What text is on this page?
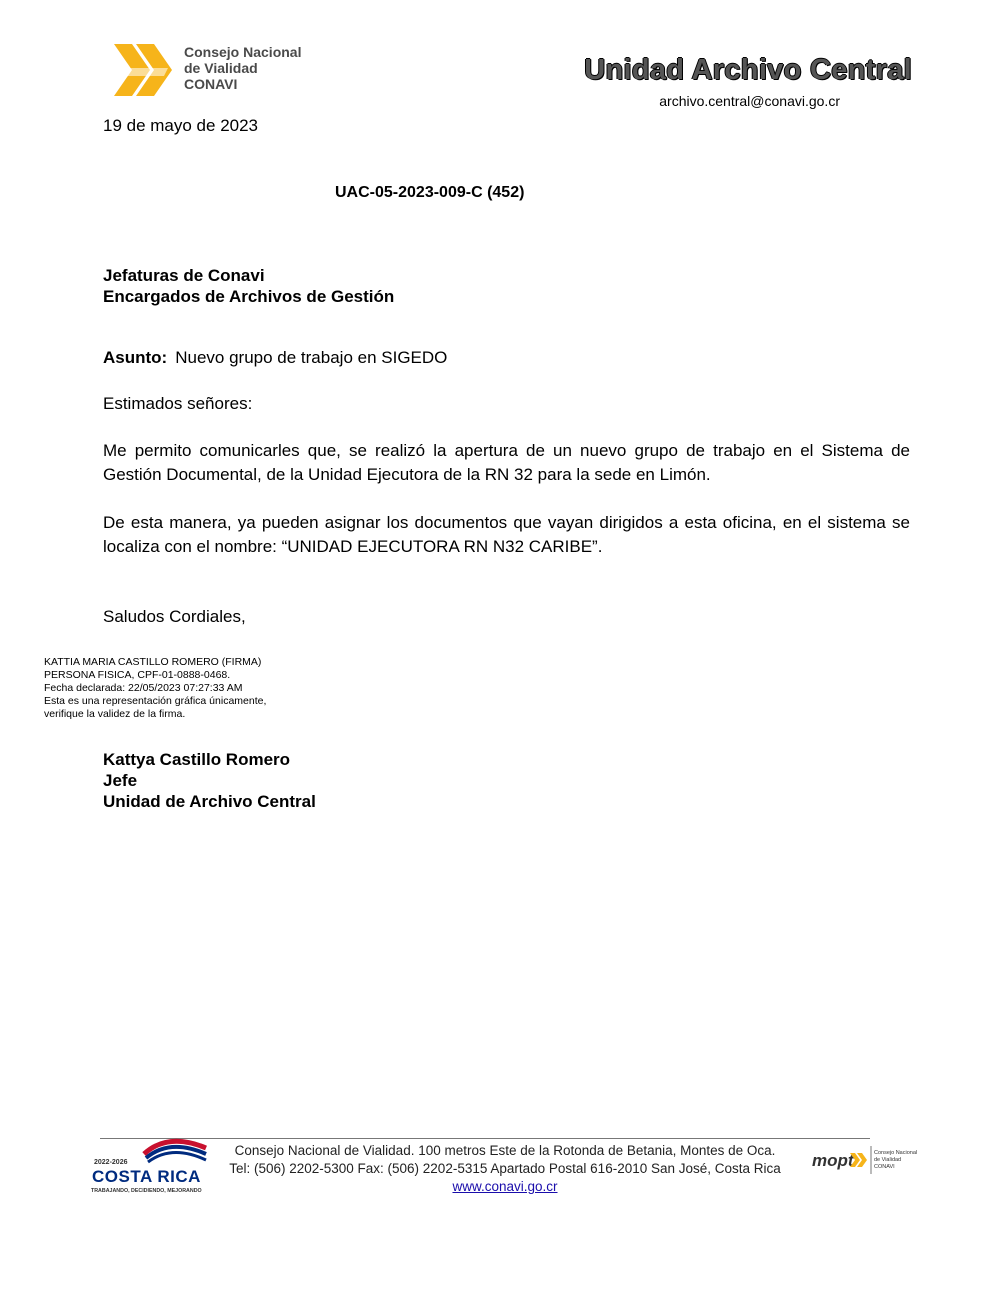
Consejo Nacional
de Vialidad
CONAVI	Unidad Archivo Central
archivo.central@conavi.go.cr
19 de mayo de 2023
UAC-05-2023-009-C (452)
Jefaturas de Conavi
Encargados de Archivos de Gestión
Asunto: Nuevo grupo de trabajo en SIGEDO
Estimados señores:
Me permito comunicarles que, se realizó la apertura de un nuevo grupo de trabajo en el Sistema de Gestión Documental, de la Unidad Ejecutora de la RN 32 para la sede en Limón.
De esta manera, ya pueden asignar los documentos que vayan dirigidos a esta oficina, en el sistema se localiza con el nombre: “UNIDAD EJECUTORA RN N32 CARIBE”.
Saludos Cordiales,
KATTIA MARIA CASTILLO ROMERO (FIRMA)
PERSONA FISICA, CPF-01-0888-0468.
Fecha declarada: 22/05/2023 07:27:33 AM
Esta es una representación gráfica únicamente,
verifique la validez de la firma.
Kattya Castillo Romero
Jefe
Unidad de Archivo Central
2022-2026
COSTA RICA
TRABAJANDO, DECIDIENDO, MEJORANDO
Consejo Nacional de Vialidad. 100 metros Este de la Rotonda de Betania, Montes de Oca.
Tel: (506) 2202-5300 Fax: (506) 2202-5315 Apartado Postal 616-2010 San José, Costa Rica
www.conavi.go.cr
mopt	Consejo Nacional
de Vialidad
CONAVI
